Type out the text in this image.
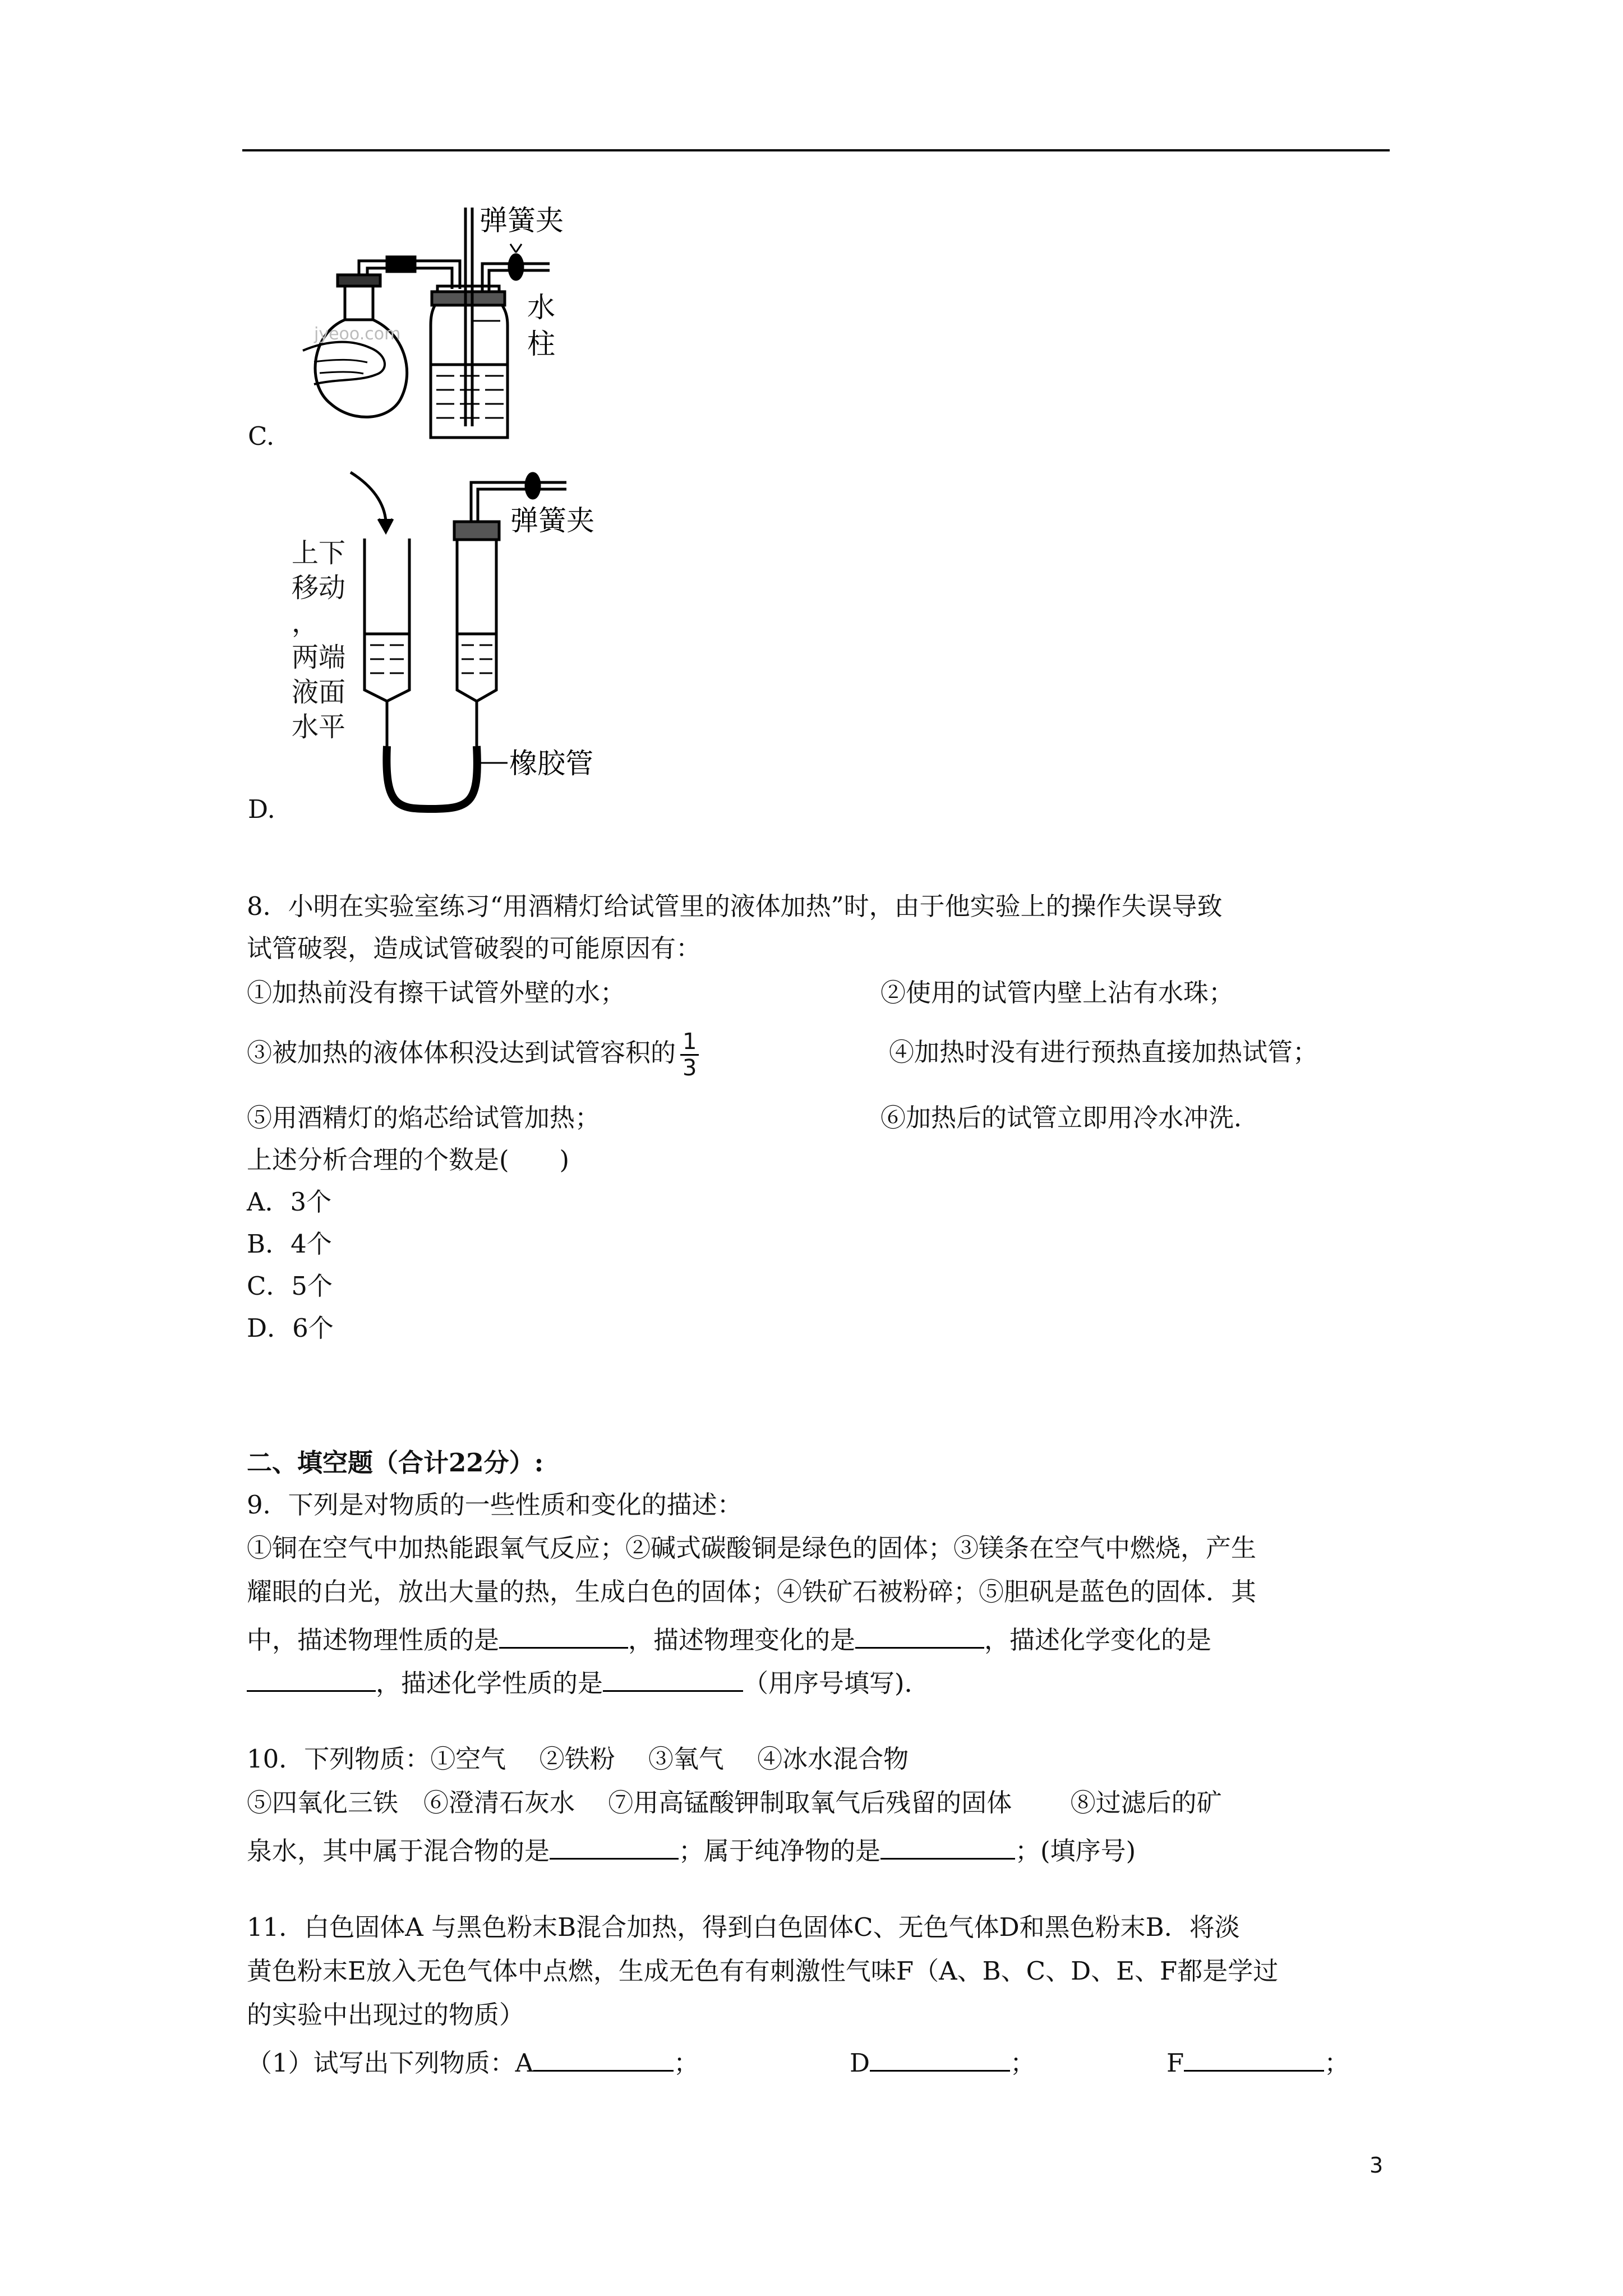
jyeoo.com
弹簧夹
水
柱
C.
弹簧夹
橡胶管
上下
移动
，
两端
液面
水平
D.
8．小明在实验室练习“用酒精灯给试管里的液体加热”时，由于他实验上的操作失误导致
试管破裂，造成试管破裂的可能原因有：
①加热前没有擦干试管外壁的水；	②使用的试管内壁上沾有水珠；
③被加热的液体体积没达到试管容积的 $\frac{1}{3}$	④加热时没有进行预热直接加热试管；
⑤用酒精灯的焰芯给试管加热；	⑥加热后的试管立即用冷水冲洗．
上述分析合理的个数是(　　)
A．3个
B．4个
C．5个
D．6个
二、填空题（合计22分）:
9．下列是对物质的一些性质和变化的描述：
①铜在空气中加热能跟氧气反应；②碱式碳酸铜是绿色的固体；③镁条在空气中燃烧，产生
耀眼的白光，放出大量的热，生成白色的固体；④铁矿石被粉碎；⑤胆矾是蓝色的固体．其
中，描述物理性质的是	，描述物理变化的是	，描述化学变化的是
，描述化学性质的是	（用序号填写)．
10．下列物质：①空气　 ②铁粉　 ③氧气　 ④冰水混合物
⑤四氧化三铁　⑥澄清石灰水　 ⑦用高锰酸钾制取氧气后残留的固体　　 ⑧过滤后的矿
泉水，其中属于混合物的是	；属于纯净物的是	；(填序号)
11．白色固体A 与黑色粉末B混合加热，得到白色固体C、无色气体D和黑色粉末B．将淡
黄色粉末E放入无色气体中点燃，生成无色有有刺激性气味F（A、B、C、D、E、F都是学过
的实验中出现过的物质）
（1）试写出下列物质：A	；	D	；	F	；
3
